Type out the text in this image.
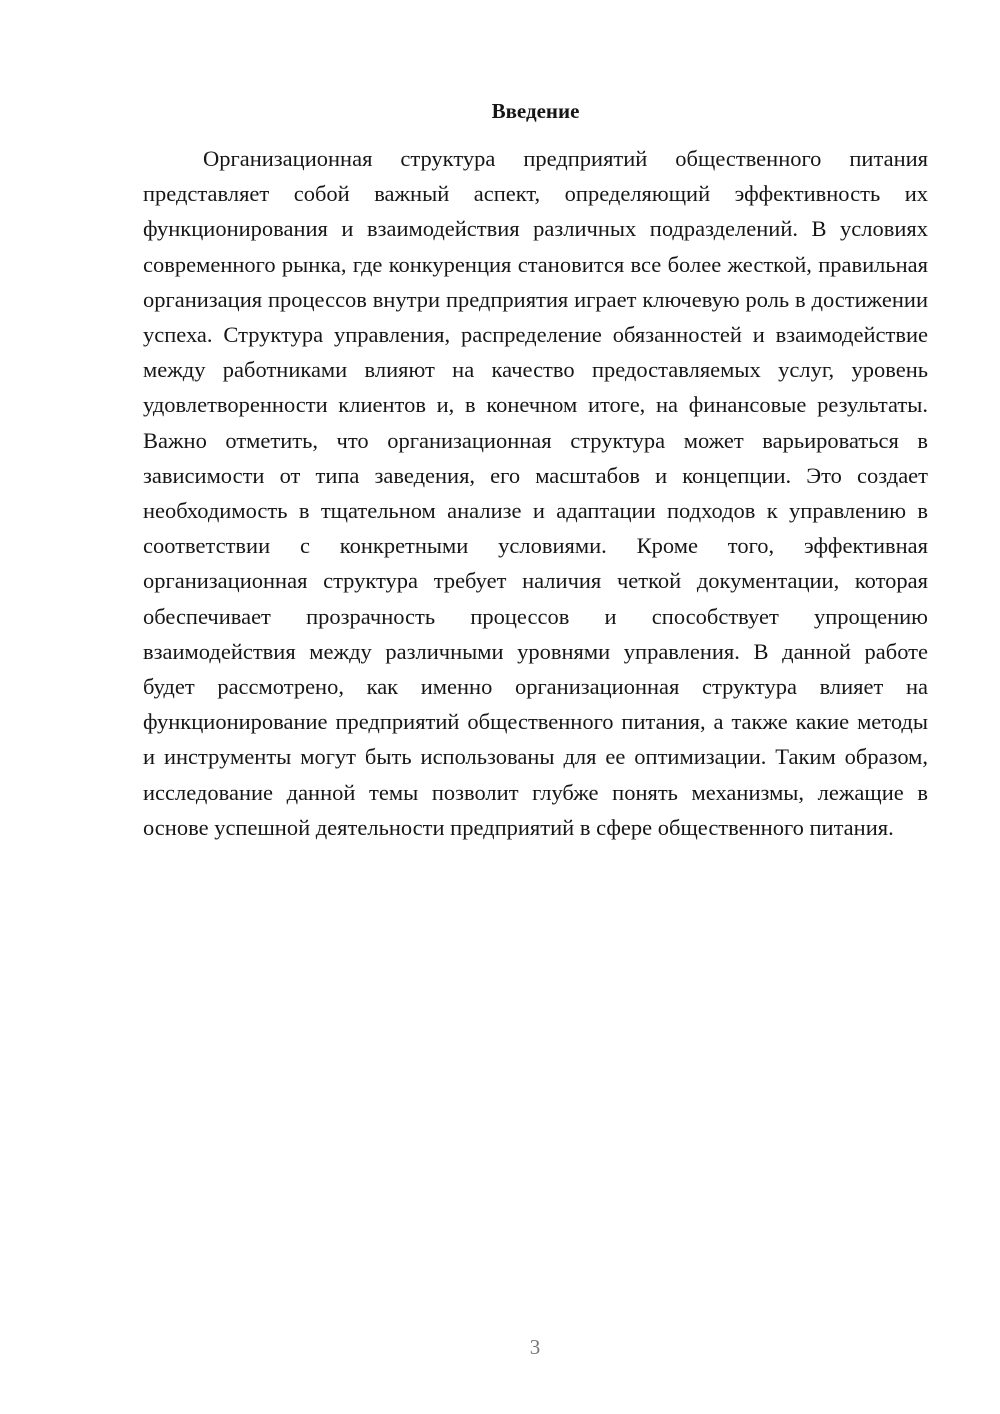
Введение

Организационная структура предприятий общественного питания представляет собой важный аспект, определяющий эффективность их функционирования и взаимодействия различных подразделений. В условиях современного рынка, где конкуренция становится все более жесткой, правильная организация процессов внутри предприятия играет ключевую роль в достижении успеха. Структура управления, распределение обязанностей и взаимодействие между работниками влияют на качество предоставляемых услуг, уровень удовлетворенности клиентов и, в конечном итоге, на финансовые результаты. Важно отметить, что организационная структура может варьироваться в зависимости от типа заведения, его масштабов и концепции. Это создает необходимость в тщательном анализе и адаптации подходов к управлению в соответствии с конкретными условиями. Кроме того, эффективная организационная структура требует наличия четкой документации, которая обеспечивает прозрачность процессов и способствует упрощению взаимодействия между различными уровнями управления. В данной работе будет рассмотрено, как именно организационная структура влияет на функционирование предприятий общественного питания, а также какие методы и инструменты могут быть использованы для ее оптимизации. Таким образом, исследование данной темы позволит глубже понять механизмы, лежащие в основе успешной деятельности предприятий в сфере общественного питания.

3
